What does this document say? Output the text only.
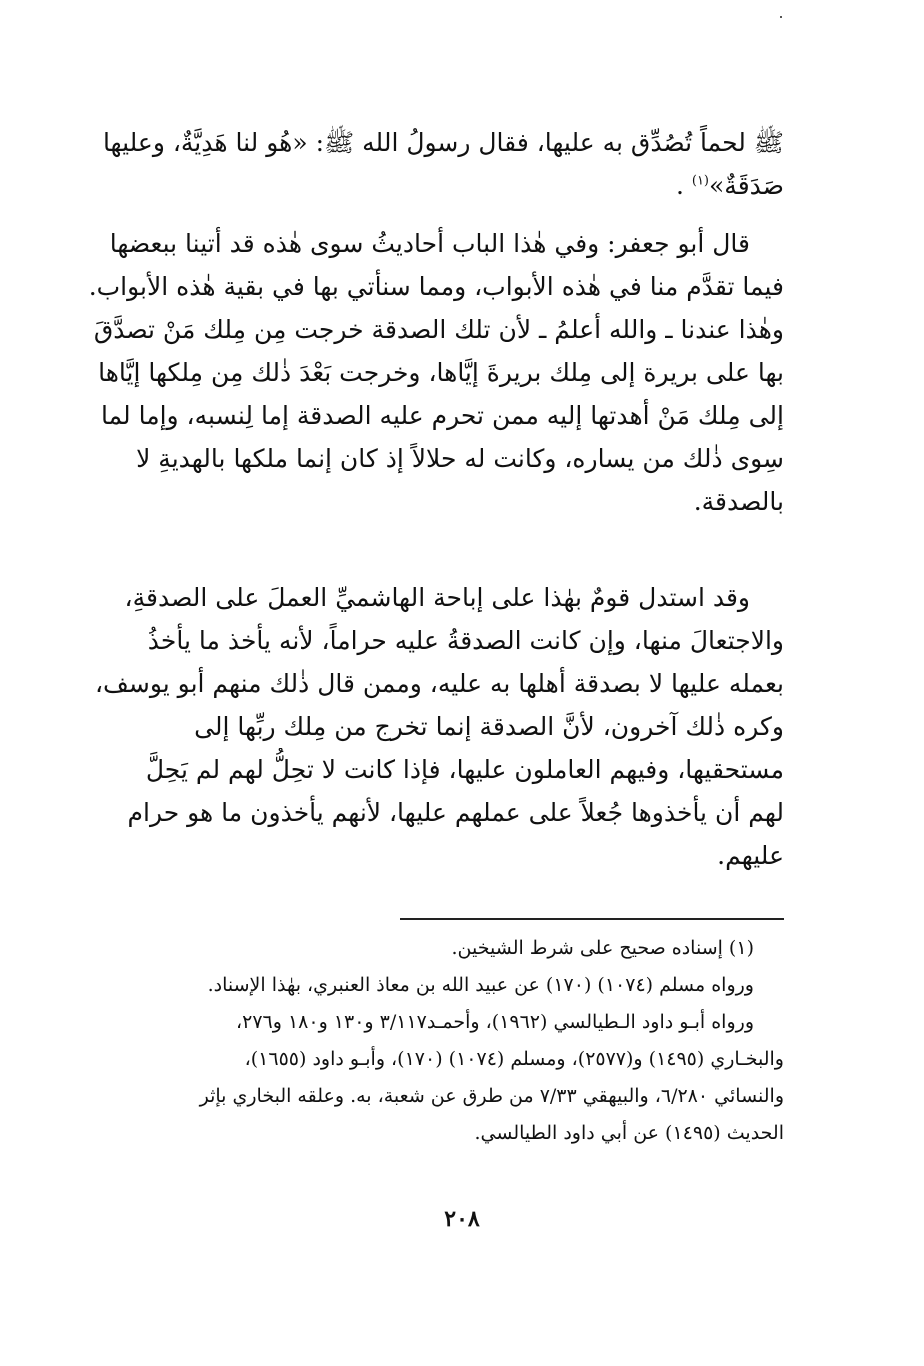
ﷺ لحماً تُصُدِّق به عليها، فقال رسولُ الله ﷺ: «هُو لنا هَدِيَّةٌ، وعليها
صَدَقَةٌ»$^{(١)}$ .
قال أبو جعفر: وفي هٰذا الباب أحاديثُ سوى هٰذه قد أتينا ببعضها
فيما تقدَّم منا في هٰذه الأبواب، ومما سنأتي بها في بقية هٰذه الأبواب.
وهٰذا عندنا ـ والله أعلمُ ـ لأن تلك الصدقة خرجت مِن مِلك مَنْ تصدَّقَ
بها على بريرة إلى مِلك بريرةَ إيَّاها، وخرجت بَعْدَ ذٰلك مِن مِلكها إيَّاها
إلى مِلك مَنْ أهدتها إليه ممن تحرم عليه الصدقة إما لِنسبه، وإما لما
سِوى ذٰلك من يساره، وكانت له حلالاً إذ كان إنما ملكها بالهديةِ لا
بالصدقة.
وقد استدل قومٌ بهٰذا على إباحة الهاشميِّ العملَ على الصدقةِ،
والاجتعالَ منها، وإن كانت الصدقةُ عليه حراماً، لأنه يأخذ ما يأخذُ
بعمله عليها لا بصدقة أهلها به عليه، وممن قال ذٰلك منهم أبو يوسف،
وكره ذٰلك آخرون، لأنَّ الصدقة إنما تخرج من مِلك ربِّها إلى
مستحقيها، وفيهم العاملون عليها، فإذا كانت لا تحِلُّ لهم لم يَحِلَّ
لهم أن يأخذوها جُعلاً على عملهم عليها، لأنهم يأخذون ما هو حرام
عليهم.
(١) إسناده صحيح على شرط الشيخين.
ورواه مسلم (١٠٧٤) (١٧٠) عن عبيد الله بن معاذ العنبري، بهٰذا الإسناد.
ورواه أبـو داود الـطيالسي (١٩٦٢)، وأحمـد٣/١١٧ و١٣٠ و١٨٠ و٢٧٦،
والبخـاري (١٤٩٥) و(٢٥٧٧)، ومسلم (١٠٧٤) (١٧٠)، وأبـو داود (١٦٥٥)،
والنسائي ٦/٢٨٠، والبيهقي ٧/٣٣ من طرق عن شعبة، به. وعلقه البخاري بإثر
الحديث (١٤٩٥) عن أبي داود الطيالسي.
٢٠٨
